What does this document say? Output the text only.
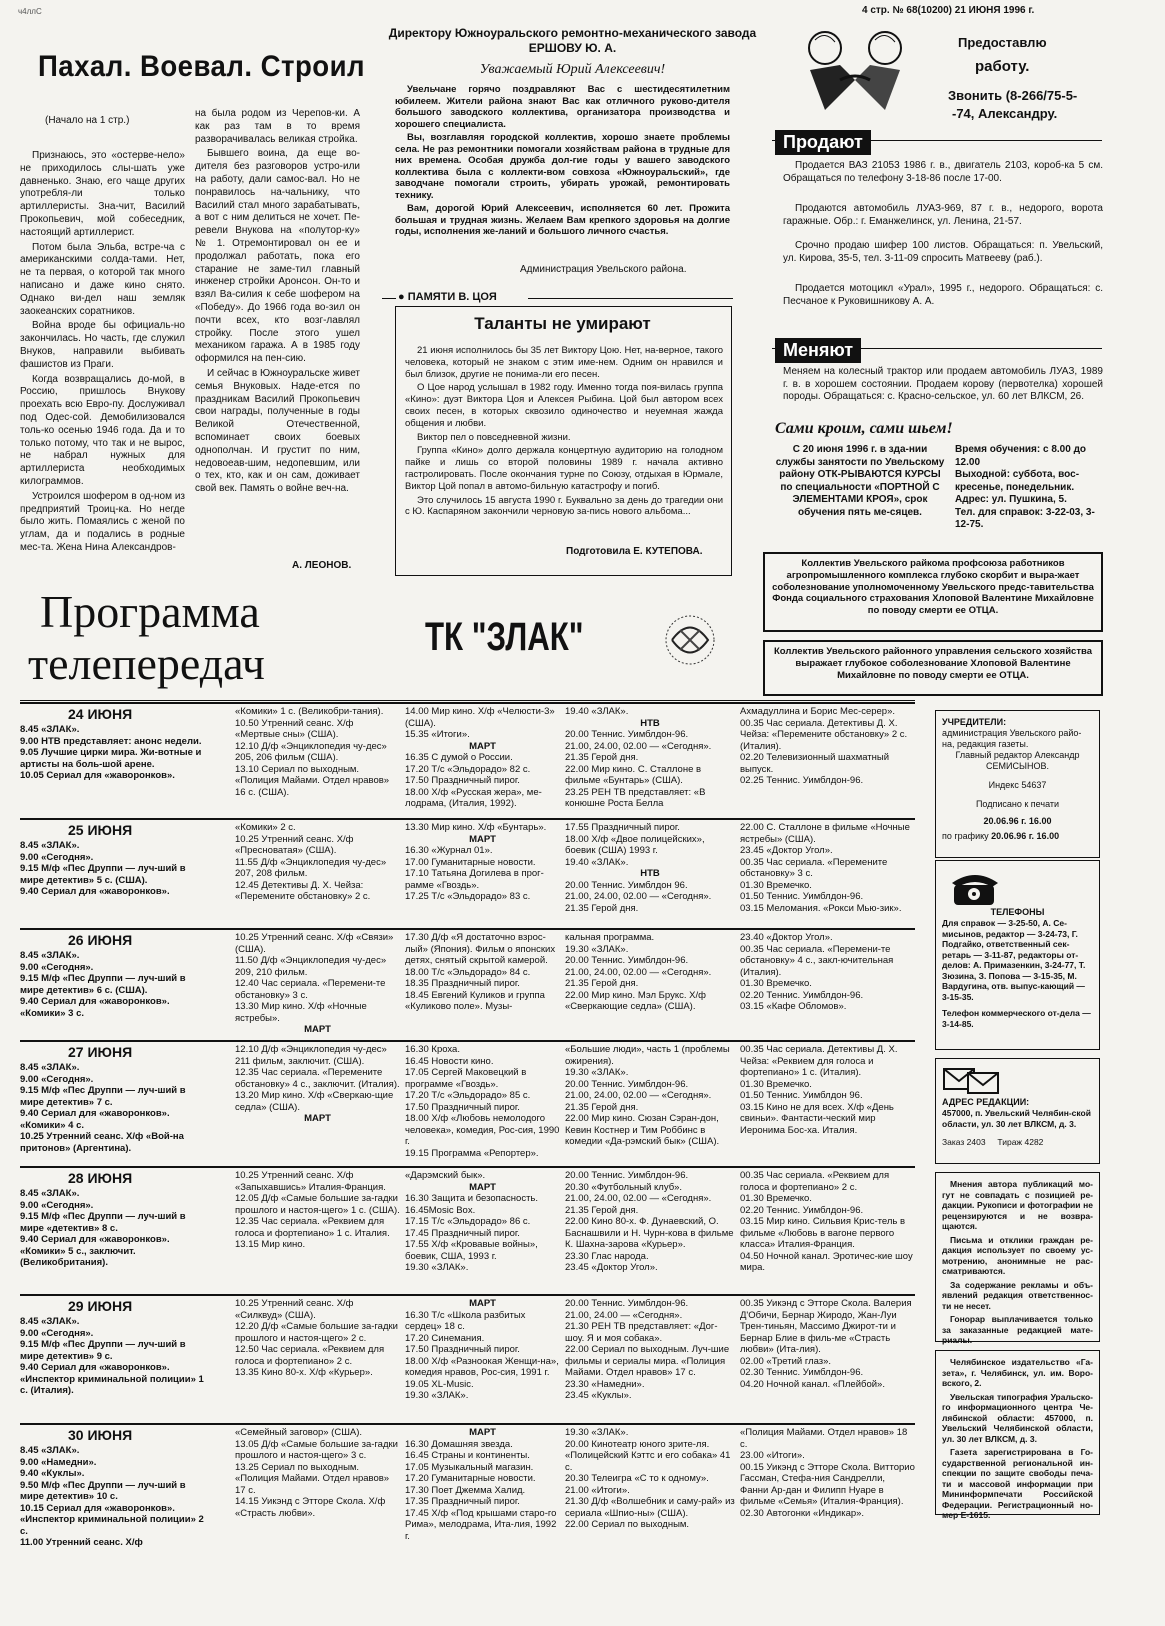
ч4ллС	4 стр. № 68(10200) 21 ИЮНЯ 1996 г.
Пахал. Воевал. Строил
(Начало на 1 стр.)

Признаюсь, это «остерве-нело» не приходилось слы-шать уже давненько. Знаю, его чаще других употребля-ли только артиллеристы. Зна-чит, Василий Прокопьевич, мой собеседник, настоящий артиллерист.

Потом была Эльба, встре-ча с американскими солда-тами. Нет, не та первая, о которой так много написано и даже кино снято. Однако ви-дел наш земляк заокеанских соратников.

Война вроде бы официаль-но закончилась. Но часть, где служил Внуков, направили выбивать фашистов из Праги.

Когда возвращались до-мой, в Россию, пришлось Внукову проехать всю Евро-пу. Дослуживал под Одес-сой. Демобилизовался толь-ко осенью 1946 года. Да и то только потому, что так и не вырос, не набрал нужных для артиллериста необходимых килограммов.

Устроился шофером в од-ном из предприятий Троиц-ка. Но негде было жить. Помаялись с женой по углам, да и подались в родные мес-та. Жена Нина Александров-

на была родом из Черепов-ки. А как раз там в то время разворачивалась великая стройка.

Бывшего воина, да еще во-дителя без разговоров устро-или на работу, дали самос-вал. Но не понравилось на-чальнику, что Василий стал много зарабатывать, а вот с ним делиться не хочет. Пе-ревели Внукова на «полутор-ку» № 1. Отремонтировал он ее и продолжал работать, пока его старание не заме-тил главный инженер стройки Аронсон. Он-то и взял Ва-силия к себе шофером на «Победу». До 1966 года во-зил он почти всех, кто возг-лавлял стройку. После этого ушел механиком гаража. А в 1985 году оформился на пен-сию.

И сейчас в Южноуральске живет семья Внуковых. Наде-ется по праздникам Василий Прокопьевич свои награды, полученные в годы Великой Отечественной, вспоминает своих боевых однополчан. И грустит по ним, недовоеав-шим, недопевшим, или о тех, кто, как и он сам, доживает свой век. Память о войне веч-на.

А. ЛЕОНОВ.
Директору Южноуральского ремонтно-механического завода ЕРШОВУ Ю. А.
Уважаемый Юрий Алексеевич!

Увельчане горячо поздравляют Вас с шестидесятилетним юбилеем. Жители района знают Вас как отличного руково-дителя большого заводского коллектива, организатора производства и хорошего специалиста.

Вы, возглавляя городской коллектив, хорошо знаете проблемы села. Не раз ремонтники помогали хозяйствам района в трудные для них времена. Особая дружба дол-гие годы у вашего заводского коллектива была с коллекти-вом совхоза «Южноуральский», где заводчане помогали строить, убирать урожай, ремонтировать технику.

Вам, дорогой Юрий Алексеевич, исполняется 60 лет. Прожита большая и трудная жизнь. Желаем Вам крепкого здоровья на долгие годы, исполнения же-ланий и большого личного счастья.

Администрация Увельского района.
● ПАМЯТИ В. ЦОЯ
Таланты не умирают

21 июня исполнилось бы 35 лет Виктору Цою. Нет, на-верное, такого человека, который не знаком с этим име-нем. Одним он нравился и был близок, другие не понима-ли его песен.

О Цое народ услышал в 1982 году. Именно тогда поя-вилась группа «Кино»: дуэт Виктора Цоя и Алексея Рыбина. Цой был автором всех своих песен, в которых сквозило одиночество и неуемная жажда общения и любви.

Виктор пел о повседневной жизни.

Группа «Кино» долго держала концертную аудиторию на голодном пайке и лишь со второй половины 1989 г. начала активно гастролировать. После окончания турне по Союзу, отдыхая в Юрмале, Виктор Цой попал в автомо-бильную катастрофу и погиб.

Это случилось 15 августа 1990 г. Буквально за день до трагедии они с Ю. Каспаряном закончили черновую за-пись нового альбома...

Подготовила Е. КУТЕПОВА.
Предоставлю
работу.
Звонить (8-266/75-5-
-74, Александру.
Продают

Продается ВАЗ 21053 1986 г. в., двигатель 2103, короб-ка 5 см. Обращаться по телефону 3-18-86 после 17-00.

Продаются автомобиль ЛУАЗ-969, 87 г. в., недорого, ворота гаражные. Обр.: г. Еманжелинск, ул. Ленина, 21-57.

Срочно продаю шифер 100 листов. Обращаться: п. Увельский, ул. Кирова, 35-5, тел. 3-11-09 спросить Матвееву (раб.).

Продается мотоцикл «Урал», 1995 г., недорого. Обращаться: с. Песчаное к Руковишникову А. А.

Меняют
Меняем на колесный трактор или продаем автомобиль ЛУАЗ, 1989 г. в. в хорошем состоянии. Продаем корову (первотелка) хорошей породы. Обращаться: с. Красно-сельское, ул. 60 лет ВЛКСМ, 26.
Сами кроим, сами шьем!
С 20 июня 1996 г. в зда-нии службы занятости по Увельскому району ОТК-РЫВАЮТСЯ КУРСЫ по специальности «ПОРТНОЙ С ЭЛЕМЕНТАМИ КРОЯ», срок обучения пять ме-сяцев.
Время обучения: с 8.00 до 12.00
Выходной: суббота, вос-кресенье, понедельник.
Адрес: ул. Пушкина, 5.
Тел. для справок: 3-22-03, 3-12-75.
Коллектив Увельского райкома профсоюза работников агропромышленного комплекса глубоко скорбит и выра-жает соболезнование уполномоченному Увельского предс-тавительства Фонда социального страхования Хлоповой Валентине Михайловне по поводу смерти ее ОТЦА.
Коллектив Увельского районного управления сельского хозяйства выражает глубокое соболезнование Хлоповой Валентине Михайловне по поводу смерти ее ОТЦА.
Программа
телепередач
ТК "ЗЛАК"
24 ИЮНЯ
8.45 «ЗЛАК».
9.00 НТВ представляет: анонс недели.
9.05 Лучшие цирки мира. Жи-вотные и артисты на боль-шой арене.
10.05 Сериал для «жаворонков».
«Комики» 1 с. (Великобри-тания).
10.50 Утренний сеанс. Х/ф «Мертвые сны» (США).
12.10 Д/ф «Энциклопедия чу-дес» 205, 206 фильм (США).
13.10 Сериал по выходным. «Полиция Майами. Отдел нравов» 16 с. (США).
14.00 Мир кино. Х/ф «Челюсти-3» (США).
15.35 «Итоги».
МАРТ
16.35 С думой о России.
17.20 Т/с «Эльдорадо» 82 с.
17.50 Праздничный пирог.
18.00 Х/ф «Русская жера», ме-лодрама, (Италия, 1992).
19.40 «ЗЛАК».
НТВ
20.00 Теннис. Уимблдон-96.
21.00, 24.00, 02.00 — «Сегодня».
21.35 Герой дня.
22.00 Мир кино. С. Сталлоне в фильме «Бунтарь» (США).
23.25 РЕН ТВ представляет: «В конюшне Роста Белла
Ахмадуллина и Борис Мес-серер».
00.35 Час сериала. Детективы Д. Х. Чейза: «Перемените обстановку» 2 с. (Италия).
02.20 Телевизионный шахматный выпуск.
02.25 Теннис. Уимблдон-96.
25 ИЮНЯ
8.45 «ЗЛАК».
9.00 «Сегодня».
9.15 М/ф «Пес Друппи — луч-ший в мире детектив» 5 с. (США).
9.40 Сериал для «жаворонков».
«Комики» 2 с.
10.25 Утренний сеанс. Х/ф «Пресноватая» (США).
11.55 Д/ф «Энциклопедия чу-дес» 207, 208 фильм.
12.45 Детективы Д. Х. Чейза: «Перемените обстановку» 2 с.
13.30 Мир кино. Х/ф «Бунтарь».
МАРТ
16.30 «Журнал 01».
17.00 Гуманитарные новости.
17.10 Татьяна Догилева в прог-рамме «Гвоздь».
17.25 Т/с «Эльдорадо» 83 с.
17.55 Праздничный пирог.
18.00 Х/ф «Двое полицейских», боевик (США) 1993 г.
19.40 «ЗЛАК».
НТВ
20.00 Теннис. Уимблдон 96.
21.00, 24.00, 02.00 — «Сегодня».
21.35 Герой дня.
22.00 С. Сталлоне в фильме «Ночные ястребы» (США).
23.45 «Доктор Угол».
00.35 Час сериала. «Перемените обстановку» 3 с.
01.30 Времечко.
01.50 Теннис. Уимблдон-96.
03.15 Меломания. «Рокси Мью-зик».
26 ИЮНЯ
8.45 «ЗЛАК».
9.00 «Сегодня».
9.15 М/ф «Пес Друппи — луч-ший в мире детектив» 6 с. (США).
9.40 Сериал для «жаворонков». «Комики» 3 с.
10.25 Утренний сеанс. Х/ф «Связи» (США).
11.50 Д/ф «Энциклопедия чу-дес» 209, 210 фильм.
12.40 Час сериала. «Перемени-те обстановку» 3 с.
13.30 Мир кино. Х/ф «Ночные ястребы».
МАРТ
17.30 Д/ф «Я достаточно взрос-лый» (Япония). Фильм о японских детях, снятый скрытой камерой.
18.00 Т/с «Эльдорадо» 84 с.
18.35 Праздничный пирог.
18.45 Евгений Куликов и группа «Куликово поле». Музы-
кальная программа.
19.30 «ЗЛАК».
20.00 Теннис. Уимблдон-96.
21.00, 24.00, 02.00 — «Сегодня».
21.35 Герой дня.
22.00 Мир кино. Мэл Брукс. Х/ф «Сверкающие седла» (США).
23.40 «Доктор Угол».
00.35 Час сериала. «Перемени-те обстановку» 4 с., закл-ючительная (Италия).
01.30 Времечко.
02.20 Теннис. Уимблдон-96.
03.15 «Кафе Обломов».
27 ИЮНЯ
8.45 «ЗЛАК».
9.00 «Сегодня».
9.15 М/ф «Пес Друппи — луч-ший в мире детектив» 7 с.
9.40 Сериал для «жаворонков». «Комики» 4 с.
10.25 Утренний сеанс. Х/ф «Вой-на притонов» (Аргентина).
12.10 Д/ф «Энциклопедия чу-дес» 211 фильм, заключит. (США).
12.35 Час сериала. «Перемените обстановку» 4 с., заключит. (Италия).
13.20 Мир кино. Х/ф «Сверкаю-щие седла» (США).
МАРТ
16.30 Кроха.
16.45 Новости кино.
17.05 Сергей Маковецкий в программе «Гвоздь».
17.20 Т/с «Эльдорадо» 85 с.
17.50 Праздничный пирог.
18.00 Х/ф «Любовь немолодого человека», комедия, Рос-сия, 1990 г.
19.15 Программа «Репортер».
«Большие люди», часть 1 (проблемы ожирения).
19.30 «ЗЛАК».
20.00 Теннис. Уимблдон-96.
21.00, 24.00, 02.00 — «Сегодня».
21.35 Герой дня.
22.00 Мир кино. Сюзан Сэран-дон, Кевин Костнер и Тим Роббинс в комедии «Да-рэмский бык» (США).
00.35 Час сериала. Детективы Д. Х. Чейза: «Реквием для голоса и фортепиано» 1 с. (Италия).
01.30 Времечко.
01.50 Теннис. Уимблдон 96.
03.15 Кино не для всех. Х/ф «День свиньи». Фантасти-ческий мир Иеронима Бос-ха. Италия.
28 ИЮНЯ
8.45 «ЗЛАК».
9.00 «Сегодня».
9.15 М/ф «Пес Друппи — луч-ший в мире «детектив» 8 с.
9.40 Сериал для «жаворонков». «Комики» 5 с., заключит. (Великобритания).
10.25 Утренний сеанс. Х/ф «Запыхавшись» Италия-Франция.
12.05 Д/ф «Самые большие за-гадки прошлого и настоя-щего» 1 с. (США).
12.35 Час сериала. «Реквием для голоса и фортепиано» 1 с. Италия.
13.15 Мир кино.
«Дарэмский бык».
МАРТ
16.30 Защита и безопасность.
16.45Mosic Box.
17.15 Т/с «Эльдорадо» 86 с.
17.45 Праздничный пирог.
17.55 Х/ф «Кровавые войны», боевик, США, 1993 г.
19.30 «ЗЛАК».
20.00 Теннис. Уимблдон-96.
20.30 «Футбольный клуб».
21.00, 24.00, 02.00 — «Сегодня».
21.35 Герой дня.
22.00 Кино 80-х. Ф. Дунаевский, О. Баснашвили и Н. Чурн-кова в фильме К. Шахна-зарова «Курьер».
23.30 Глас народа.
23.45 «Доктор Угол».
00.35 Час сериала. «Реквием для голоса и фортепиано» 2 с.
01.30 Времечко.
02.20 Теннис. Уимблдон-96.
03.15 Мир кино. Сильвия Крис-тель в фильме «Любовь в вагоне первого класса» Италия-Франция.
04.50 Ночной канал. Эротичес-кие шоу мира.
29 ИЮНЯ
8.45 «ЗЛАК».
9.00 «Сегодня».
9.15 М/ф «Пес Друппи — луч-ший в мире детектив» 9 с.
9.40 Сериал для «жаворонков». «Инспектор криминальной полиции» 1 с. (Италия).
10.25 Утренний сеанс. Х/ф «Силквуд» (США).
12.20 Д/ф «Самые большие за-гадки прошлого и настоя-щего» 2 с.
12.50 Час сериала. «Реквием для голоса и фортепиано» 2 с.
13.35 Кино 80-х. Х/ф «Курьер».
МАРТ
16.30 Т/с «Школа разбитых сердец» 18 с.
17.20 Синемания.
17.50 Праздничный пирог.
18.00 Х/ф «Разноокая Женщи-на», комедия нравов, Рос-сия, 1991 г.
19.05 XL-Music.
19.30 «ЗЛАК».
20.00 Теннис. Уимблдон-96.
21.00, 24.00 — «Сегодня».
21.30 РЕН ТВ представляет: «Дог-шоу. Я и моя собака».
22.00 Сериал по выходным. Луч-шие фильмы и сериалы мира. «Полиция Майами. Отдел нравов» 17 с.
23.30 «Намедни».
23.45 «Куклы».
00.35 Уикэнд с Этторе Скола. Валерия Д'Обичи, Бернар Жиродо, Жан-Луи Трен-тиньян, Массимо Джирот-ти и Бернар Блие в филь-ме «Страсть любви» (Ита-лия).
02.00 «Третий глаз».
02.30 Теннис. Уимблдон-96.
04.20 Ночной канал. «Плейбой».
30 ИЮНЯ
8.45 «ЗЛАК».
9.00 «Намедни».
9.40 «Куклы».
9.50 М/ф «Пес Друппи — луч-ший в мире детектив» 10 с.
10.15 Сериал для «жаворонков». «Инспектор криминальной полиции» 2 с.
11.00 Утренний сеанс. Х/ф
«Семейный заговор» (США).
13.05 Д/ф «Самые большие за-гадки прошлого и настоя-щего» 3 с.
13.25 Сериал по выходным. «Полиция Майами. Отдел нравов» 17 с.
14.15 Уикэнд с Этторе Скола. Х/ф «Страсть любви».
МАРТ
16.30 Домашняя звезда.
16.45 Страны и континенты.
17.05 Музыкальный магазин.
17.20 Гуманитарные новости.
17.30 Поет Джемма Халид.
17.35 Праздничный пирог.
17.45 Х/ф «Под крышами старо-го Рима», мелодрама, Ита-лия, 1992 г.
19.30 «ЗЛАК».
20.00 Кинотеатр юного зрите-ля. «Полицейский Кэттс и его собака» 41 с.
20.30 Телеигра «С то к одному».
21.00 «Итоги».
21.30 Д/ф «Волшебник и саму-рай» из сериала «Шпио-ны» (США).
22.00 Сериал по выходным.
«Полиция Майами. Отдел нравов» 18 с.
23.00 «Итоги».
00.15 Уикэнд с Этторе Скола. Витторио Гассман, Стефа-ния Сандрелли, Фанни Ар-дан и Филипп Нуаре в фильме «Семья» (Италия-Франция).
02.30 Автогонки «Индикар».
УЧРЕДИТЕЛИ:
администрация Увельского райо-на, редакция газеты.
Главный редактор Александр СЕМИСЫНОВ.
Индекс 54637
Подписано к печати
20.06.96 г. 16.00
по графику 20.06.96 г. 16.00
ТЕЛЕФОНЫ
Для справок — 3-25-50, А. Се-мисынов, редактор — 3-24-73, Г. Подгайко, ответственный сек-ретарь — 3-11-87, редакторы от-делов: А. Примазенкин, 3-24-77, Т. Зюзина, З. Попова — 3-15-35, М. Вардугина, отв. выпус-кающий — 3-15-35.
Телефон коммерческого от-дела — 3-14-85.
АДРЕС РЕДАКЦИИ:
457000, п. Увельский Челябин-ской области, ул. 30 лет ВЛКСМ, д. 3.
Заказ 2403 Тираж 4282
Мнения автора публикаций мо-гут не совпадать с позицией ре-дакции. Рукописи и фотографии не рецензируются и не возвра-щаются.
Письма и отклики граждан ре-дакция использует по своему ус-мотрению, анонимные не рас-сматриваются.
За содержание рекламы и объ-явлений редакция ответственнос-ти не несет.
Гонорар выплачивается только за заказанные редакцией мате-риалы.
Челябинское издательство «Га-зета», г. Челябинск, ул. им. Воро-вского, 2.
Увельская типография Уральско-го информационного центра Че-лябинской области: 457000, п. Увельский Челябинской области, ул. 30 лет ВЛКСМ, д. 3.
Газета зарегистрирована в Го-сударственной региональной ин-спекции по защите свободы печа-ти и массовой информации при Мининформпечати Российской Федерации. Регистрационный но-мер Е-1615.
